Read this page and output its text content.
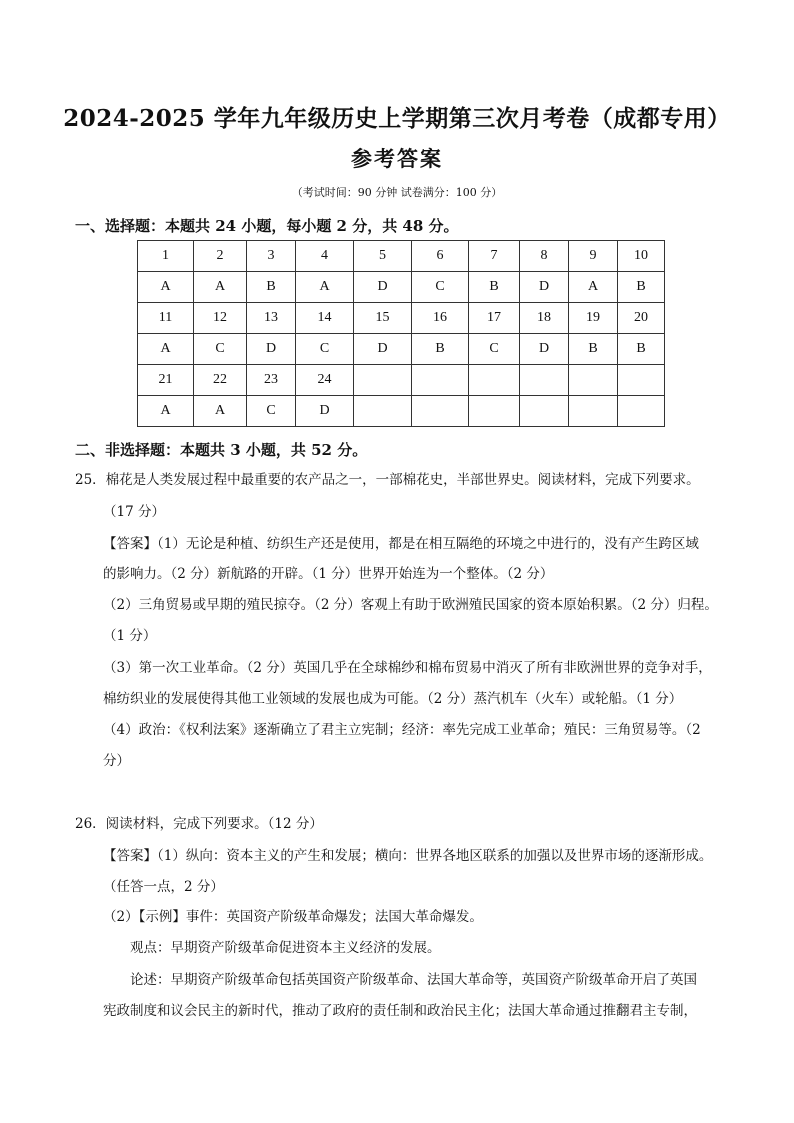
2024-2025 学年九年级历史上学期第三次月考卷（成都专用）
参考答案
（考试时间：90 分钟 试卷满分：100 分）
一、选择题：本题共 24 小题，每小题 2 分，共 48 分。
1	2	3	4	5	6	7	8	9	10
A	A	B	A	D	C	B	D	A	B
11	12	13	14	15	16	17	18	19	20
A	C	D	C	D	B	C	D	B	B
21	22	23	24						
A	A	C	D						
二、非选择题：本题共 3 小题，共 52 分。
25．棉花是人类发展过程中最重要的农产品之一，一部棉花史，半部世界史。阅读材料，完成下列要求。
（17 分）
【答案】（1）无论是种植、纺织生产还是使用，都是在相互隔绝的环境之中进行的，没有产生跨区域
的影响力。（2 分）新航路的开辟。（1 分）世界开始连为一个整体。（2 分）
（2）三角贸易或早期的殖民掠夺。（2 分）客观上有助于欧洲殖民国家的资本原始积累。（2 分）归程。
（1 分）
（3）第一次工业革命。（2 分）英国几乎在全球棉纱和棉布贸易中消灭了所有非欧洲世界的竞争对手，
棉纺织业的发展使得其他工业领域的发展也成为可能。（2 分）蒸汽机车（火车）或轮船。（1 分）
（4）政治：《权利法案》逐渐确立了君主立宪制；经济：率先完成工业革命；殖民：三角贸易等。（2
分）
26．阅读材料，完成下列要求。（12 分）
【答案】（1）纵向：资本主义的产生和发展；横向：世界各地区联系的加强以及世界市场的逐渐形成。
（任答一点，2 分）
（2）【示例】事件：英国资产阶级革命爆发；法国大革命爆发。
观点：早期资产阶级革命促进资本主义经济的发展。
论述：早期资产阶级革命包括英国资产阶级革命、法国大革命等，英国资产阶级革命开启了英国
宪政制度和议会民主的新时代，推动了政府的责任制和政治民主化；法国大革命通过推翻君主专制，
